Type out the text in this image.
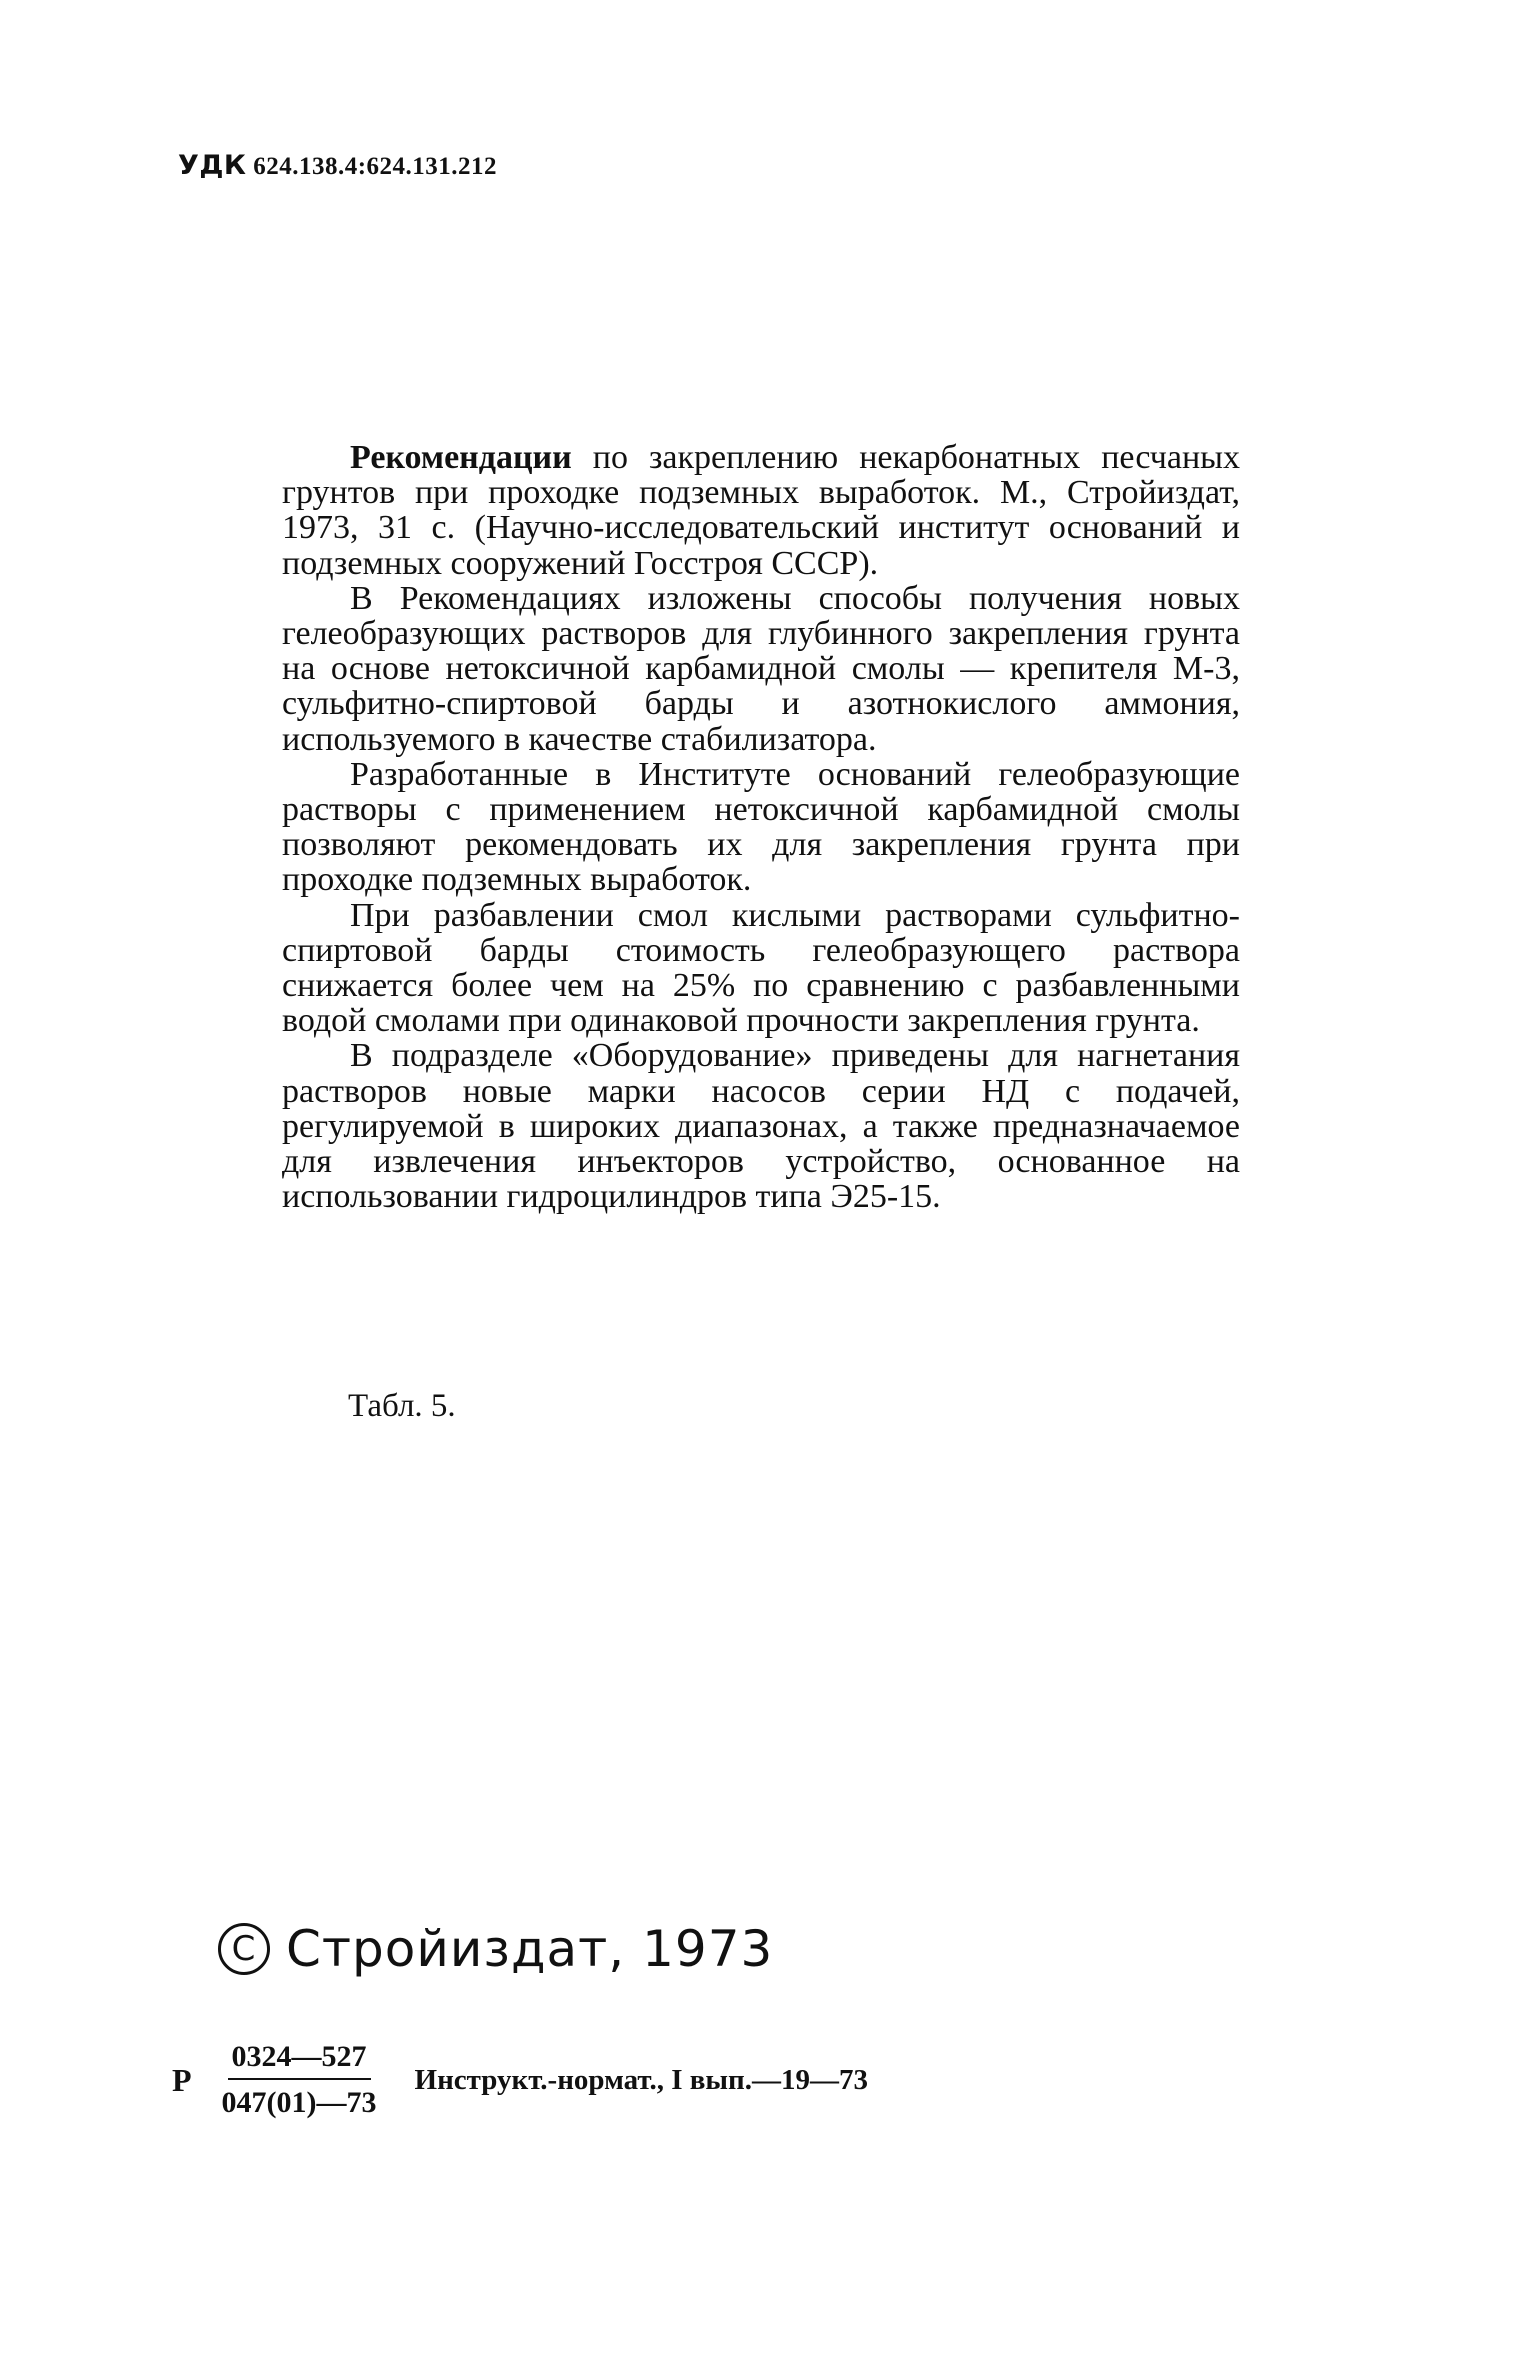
УДК 624.138.4:624.131.212

Рекомендации по закреплению некарбонатных песчаных грунтов при проходке подземных выработок. М., Стройиздат, 1973, 31 с. (Научно-исследовательский институт оснований и подземных сооружений Госстроя СССР).

В Рекомендациях изложены способы получения новых гелеобразующих растворов для глубинного закрепления грунта на основе нетоксичной карбамидной смолы — крепителя М-3, сульфитно-спиртовой барды и азотнокислого аммония, используемого в качестве стабилизатора.

Разработанные в Институте оснований гелеобразующие растворы с применением нетоксичной карбамидной смолы позволяют рекомендовать их для закрепления грунта при проходке подземных выработок.

При разбавлении смол кислыми растворами сульфитно-спиртовой барды стоимость гелеобразующего раствора снижается более чем на 25% по сравнению с разбавленными водой смолами при одинаковой прочности закрепления грунта.

В подразделе «Оборудование» приведены для нагнетания растворов новые марки насосов серии НД с подачей, регулируемой в широких диапазонах, а также предназначаемое для извлечения инъекторов устройство, основанное на использовании гидроцилиндров типа Э25-15.

Табл. 5.
C Стройиздат, 1973
Р $\frac{0324—527}{047(01)—73}$ Инструкт.-нормат., I вып.—19—73
